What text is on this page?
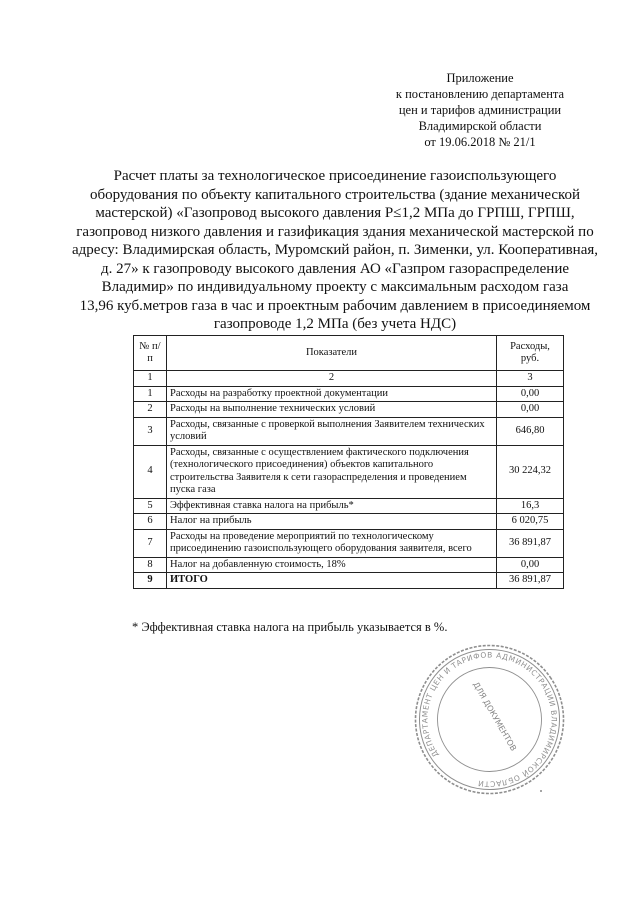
Приложение
к постановлению департамента
цен и тарифов администрации
Владимирской области
от 19.06.2018 № 21/1
Расчет платы за технологическое присоединение газоиспользующего
оборудования по объекту капитального строительства (здание механической
мастерской) «Газопровод высокого давления Р≤1,2 МПа до ГРПШ, ГРПШ,
газопровод низкого давления и газификация здания механической мастерской по
адресу: Владимирская область, Муромский район, п. Зименки, ул. Кооперативная,
д. 27» к газопроводу высокого давления АО «Газпром газораспределение
Владимир» по индивидуальному проекту с максимальным расходом газа
13,96 куб.метров газа в час и проектным рабочим давлением в присоединяемом
газопроводе 1,2 МПа (без учета НДС)
№ п/п	Показатели	Расходы, руб.
1	2	3
1	Расходы на разработку проектной документации	0,00
2	Расходы на выполнение технических условий	0,00
3	Расходы, связанные с проверкой выполнения Заявителем технических условий	646,80
4	Расходы, связанные с осуществлением фактического подключения (технологического присоединения) объектов капитального строительства Заявителя к сети газораспределения и проведением пуска газа	30 224,32
5	Эффективная ставка налога на прибыль*	16,3
6	Налог на прибыль	6 020,75
7	Расходы на проведение мероприятий по технологическому присоединению газоиспользующего оборудования заявителя, всего	36 891,87
8	Налог на добавленную стоимость, 18%	0,00
9	ИТОГО	36 891,87
* Эффективная ставка налога на прибыль указывается в %.
ДЕПАРТАМЕНТ ЦЕН И ТАРИФОВ АДМИНИСТРАЦИИ ВЛАДИМИРСКОЙ ОБЛАСТИ
ДЛЯ ДОКУМЕНТОВ
